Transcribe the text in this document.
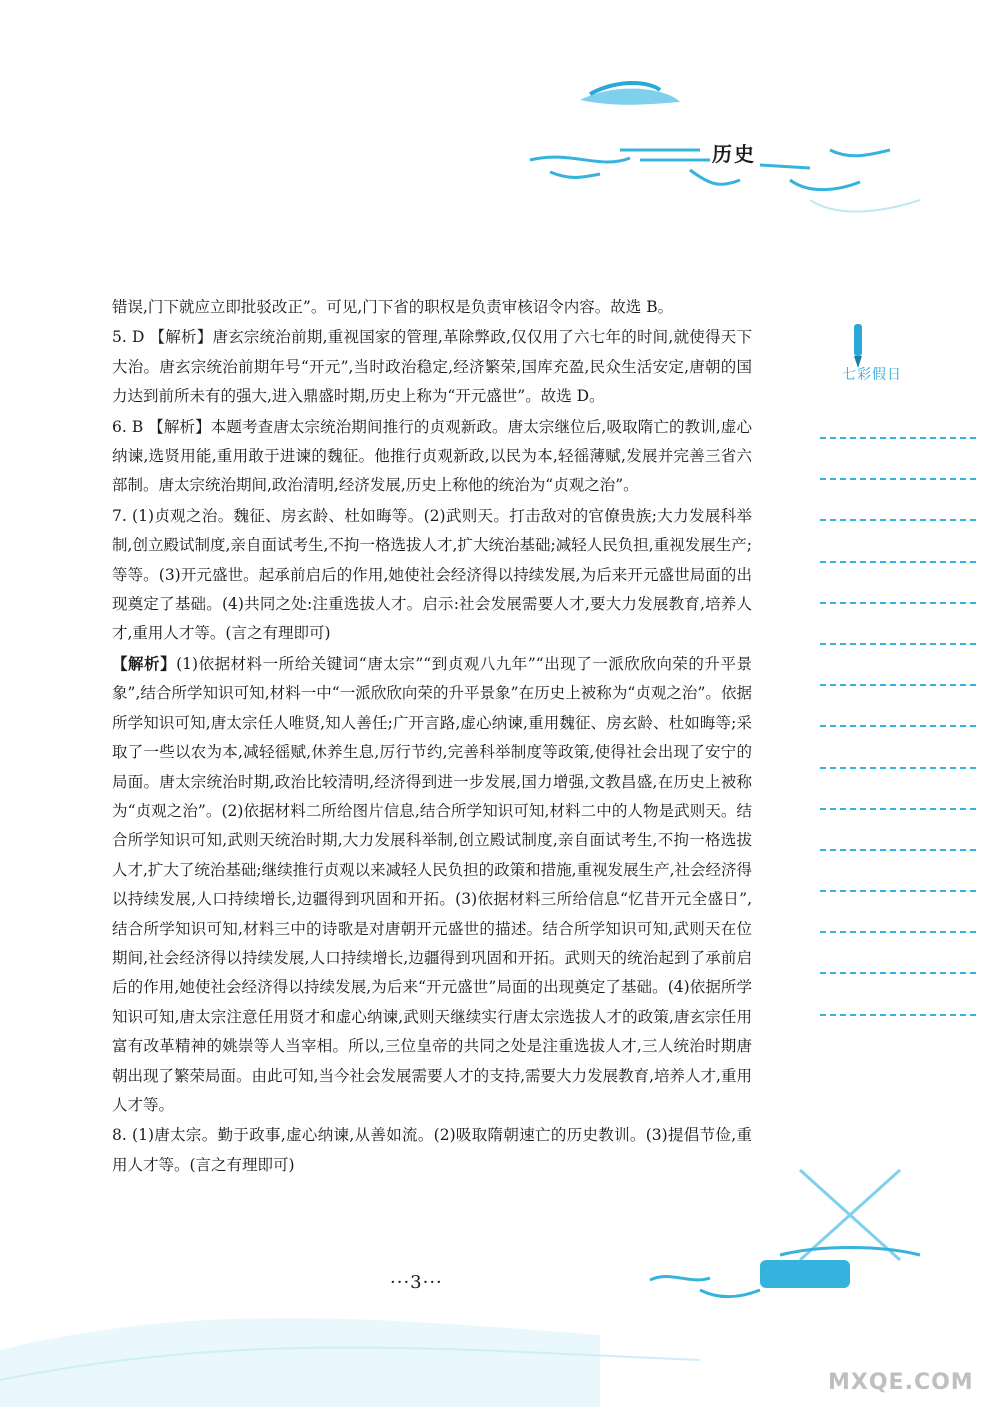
历史

错误,门下就应立即批驳改正”。可见,门下省的职权是负责审核诏令内容。故选 B。

5. D 【解析】唐玄宗统治前期,重视国家的管理,革除弊政,仅仅用了六七年的时间,就使得天下大治。唐玄宗统治前期年号“开元”,当时政治稳定,经济繁荣,国库充盈,民众生活安定,唐朝的国力达到前所未有的强大,进入鼎盛时期,历史上称为“开元盛世”。故选 D。

6. B 【解析】本题考查唐太宗统治期间推行的贞观新政。唐太宗继位后,吸取隋亡的教训,虚心纳谏,选贤用能,重用敢于进谏的魏征。他推行贞观新政,以民为本,轻徭薄赋,发展并完善三省六部制。唐太宗统治期间,政治清明,经济发展,历史上称他的统治为“贞观之治”。

7. (1)贞观之治。魏征、房玄龄、杜如晦等。(2)武则天。打击敌对的官僚贵族;大力发展科举制,创立殿试制度,亲自面试考生,不拘一格选拔人才,扩大统治基础;减轻人民负担,重视发展生产;等等。(3)开元盛世。起承前启后的作用,她使社会经济得以持续发展,为后来开元盛世局面的出现奠定了基础。(4)共同之处:注重选拔人才。启示:社会发展需要人才,要大力发展教育,培养人才,重用人才等。(言之有理即可)

【解析】(1)依据材料一所给关键词“唐太宗”“到贞观八九年”“出现了一派欣欣向荣的升平景象”,结合所学知识可知,材料一中“一派欣欣向荣的升平景象”在历史上被称为“贞观之治”。依据所学知识可知,唐太宗任人唯贤,知人善任;广开言路,虚心纳谏,重用魏征、房玄龄、杜如晦等;采取了一些以农为本,减轻徭赋,休养生息,厉行节约,完善科举制度等政策,使得社会出现了安宁的局面。唐太宗统治时期,政治比较清明,经济得到进一步发展,国力增强,文教昌盛,在历史上被称为“贞观之治”。(2)依据材料二所给图片信息,结合所学知识可知,材料二中的人物是武则天。结合所学知识可知,武则天统治时期,大力发展科举制,创立殿试制度,亲自面试考生,不拘一格选拔人才,扩大了统治基础;继续推行贞观以来减轻人民负担的政策和措施,重视发展生产,社会经济得以持续发展,人口持续增长,边疆得到巩固和开拓。(3)依据材料三所给信息“忆昔开元全盛日”,结合所学知识可知,材料三中的诗歌是对唐朝开元盛世的描述。结合所学知识可知,武则天在位期间,社会经济得以持续发展,人口持续增长,边疆得到巩固和开拓。武则天的统治起到了承前启后的作用,她使社会经济得以持续发展,为后来“开元盛世”局面的出现奠定了基础。(4)依据所学知识可知,唐太宗注意任用贤才和虚心纳谏,武则天继续实行唐太宗选拔人才的政策,唐玄宗任用富有改革精神的姚崇等人当宰相。所以,三位皇帝的共同之处是注重选拔人才,三人统治时期唐朝出现了繁荣局面。由此可知,当今社会发展需要人才的支持,需要大力发展教育,培养人才,重用人才等。

8. (1)唐太宗。勤于政事,虚心纳谏,从善如流。(2)吸取隋朝速亡的历史教训。(3)提倡节俭,重用人才等。(言之有理即可)

七彩假日
···3···
MXQE.COM
